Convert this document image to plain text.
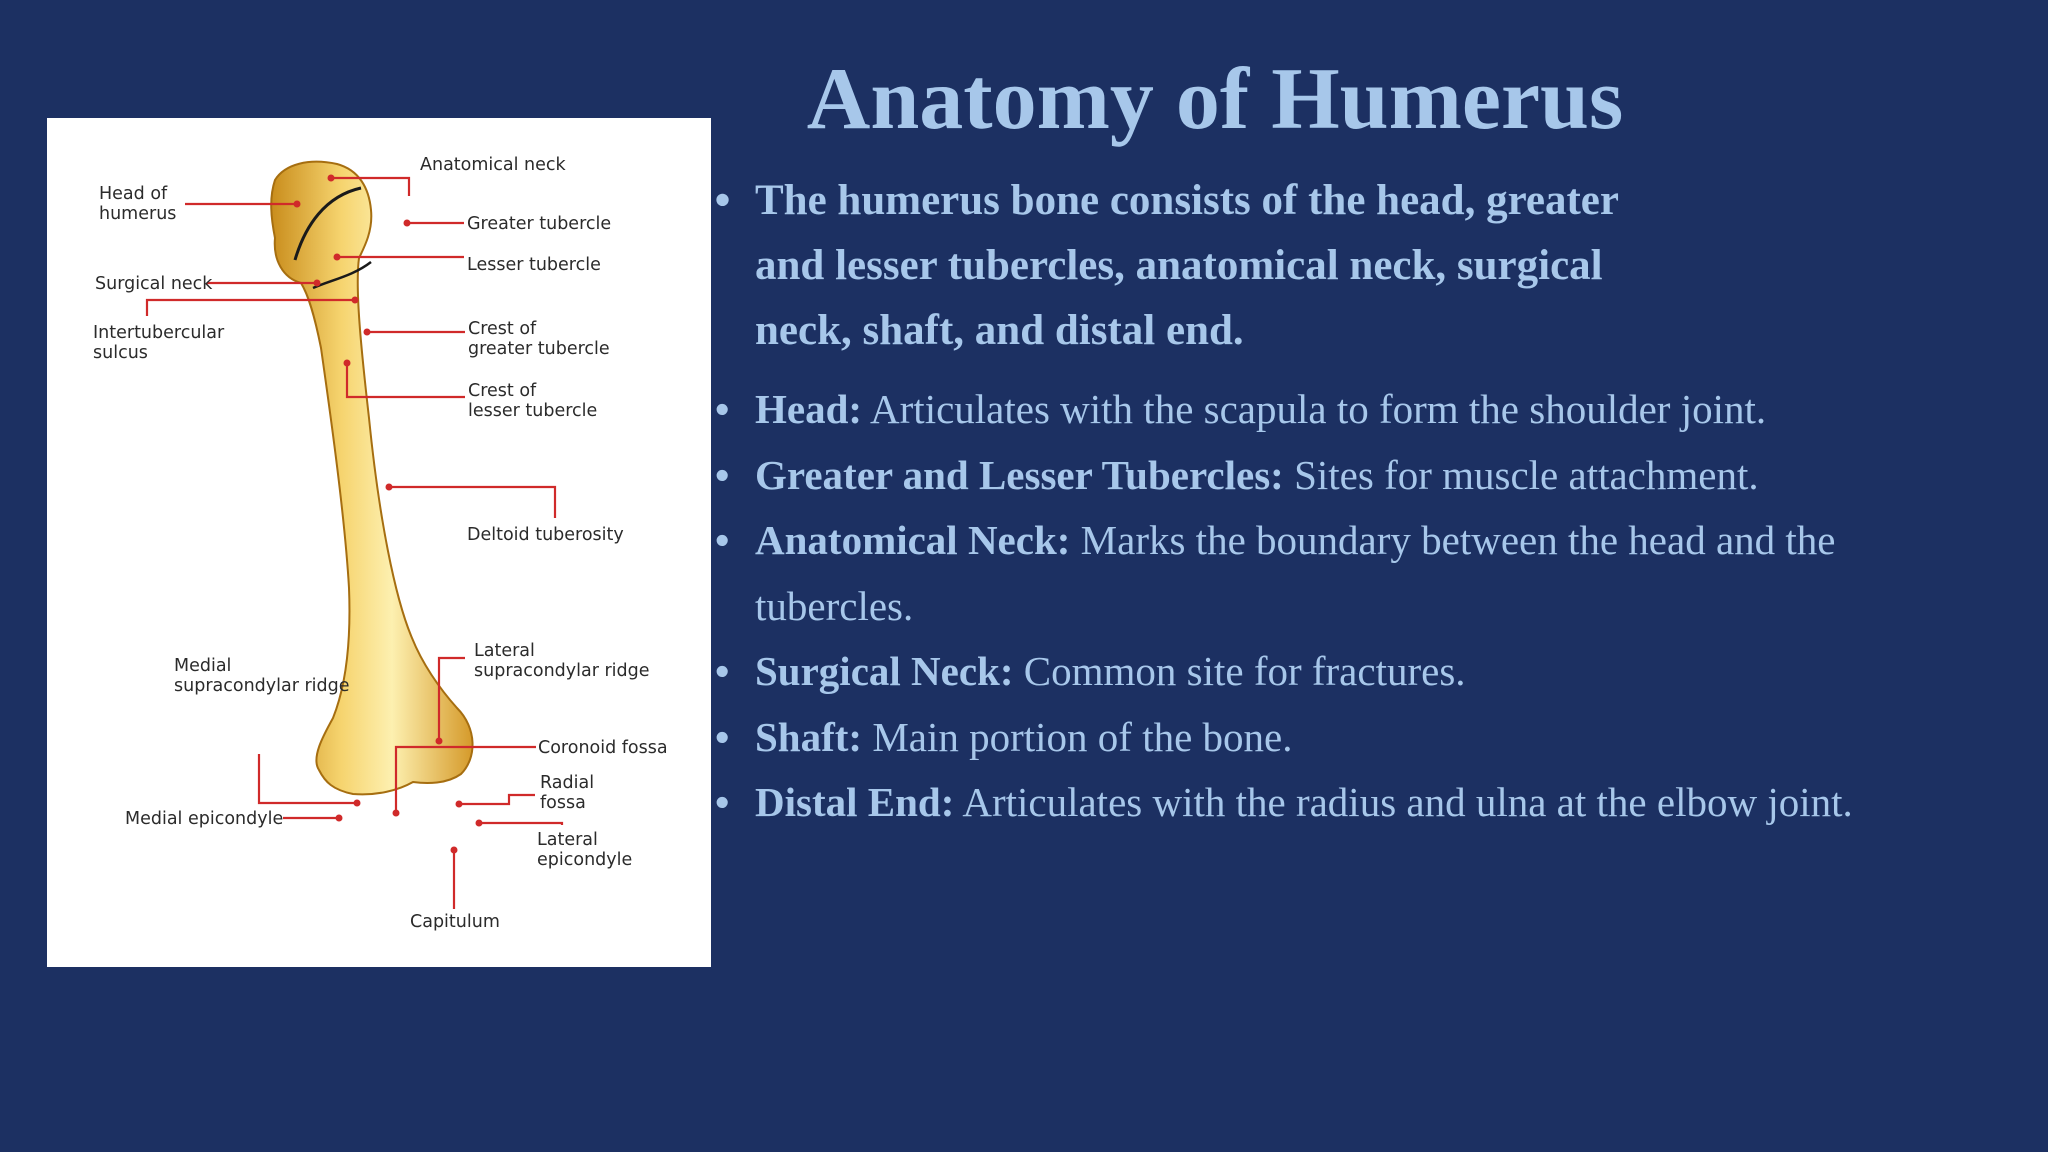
Anatomy of Humerus
Head of
humerus
Anatomical neck
Greater tubercle
Lesser tubercle
Surgical neck
Intertubercular
sulcus
Crest of
greater tubercle
Crest of
lesser tubercle
Deltoid tuberosity
Lateral
supracondylar ridge
Medial
supracondylar ridge
Coronoid fossa
Radial
fossa
Medial epicondyle
Lateral
epicondyle
Capitulum
• The humerus bone consists of the head, greater and lesser tubercles, anatomical neck, surgical neck, shaft, and distal end.
• Head: Articulates with the scapula to form the shoulder joint.
• Greater and Lesser Tubercles: Sites for muscle attachment.
• Anatomical Neck: Marks the boundary between the head and the tubercles.
• Surgical Neck: Common site for fractures.
• Shaft: Main portion of the bone.
• Distal End: Articulates with the radius and ulna at the elbow joint.
